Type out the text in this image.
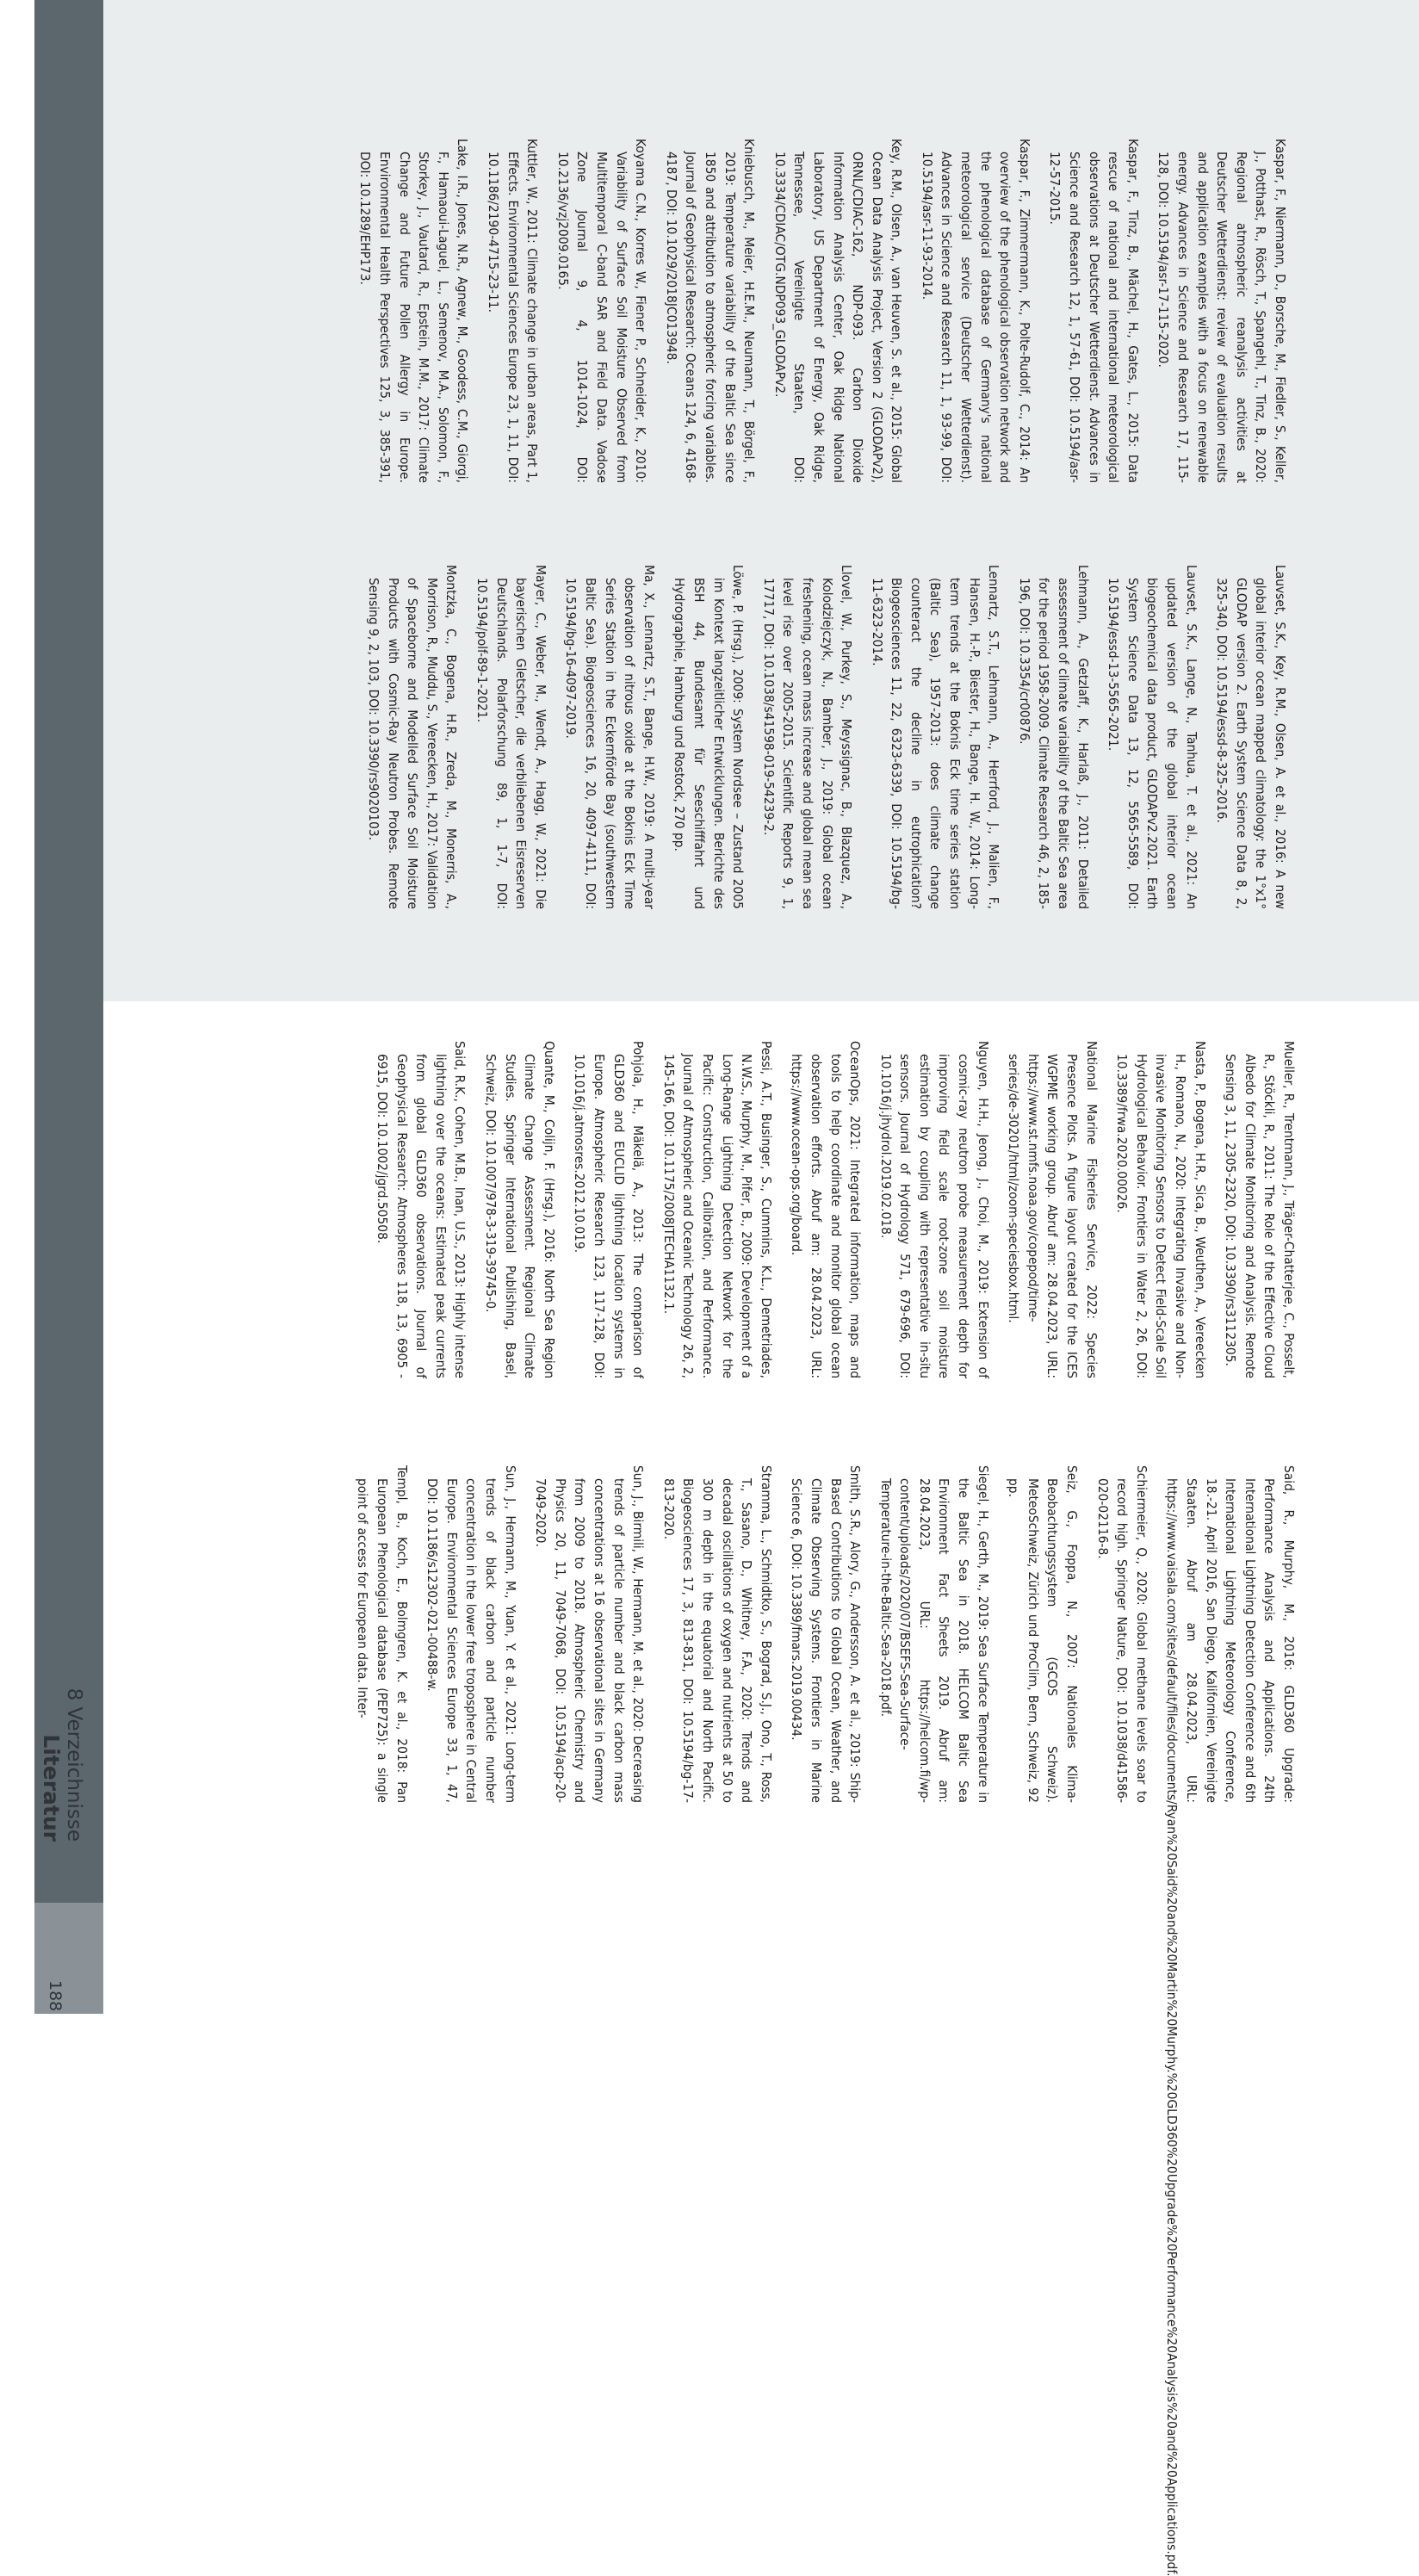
8 Verzeichnisse
Literatur
188

Kaspar, F., Niermann, D., Borsche, M., Fiedler, S., Keller, J., Potthast, R., Rösch, T., Spangehl, T., Tinz, B., 2020: Regional atmospheric reanalysis activities at Deutscher Wetterdienst: review of evaluation results and application examples with a focus on renewable energy. Advances in Science and Research 17, 115-128, DOI: 10.5194/asr-17-115-2020.

Kaspar, F., Tinz, B., Mächel, H., Gates, L., 2015: Data rescue of national and international meteorological observations at Deutscher Wetterdienst. Advances in Science and Research 12, 1, 57-61, DOI: 10.5194/asr-12-57-2015.

Kaspar, F., Zimmermann, K., Polte-Rudolf, C., 2014: An overview of the phenological observation network and the phenological database of Germany's national meteorological service (Deutscher Wetterdienst). Advances in Science and Research 11, 1, 93-99, DOI: 10.5194/asr-11-93-2014.

Key, R.M., Olsen, A., van Heuven, S. et al., 2015: Global Ocean Data Analysis Project, Version 2 (GLODAPv2), ORNL/CDIAC-162, NDP-093. Carbon Dioxide Information Analysis Center, Oak Ridge National Laboratory, US Department of Energy, Oak Ridge, Tennessee, Vereinigte Staaten, DOI: 10.3334/CDIAC/OTG.NDP093_GLODAPv2.

Kniebusch, M., Meier, H.E.M., Neumann, T., Börgel, F., 2019: Temperature variability of the Baltic Sea since 1850 and attribution to atmospheric forcing variables. Journal of Geophysical Research: Oceans 124, 6, 4168-4187, DOI: 10.1029/2018JC013948.

Koyama C.N., Korres W., Fiener P., Schneider, K., 2010: Variability of Surface Soil Moisture Observed from Multitemporal C-band SAR and Field Data. Vadose Zone Journal 9, 4, 1014-1024, DOI: 10.2136/vzj2009.0165.

Kuttler, W., 2011: Climate change in urban areas, Part 1, Effects. Environmental Sciences Europe 23, 1, 11, DOI: 10.1186/2190-4715-23-11.

Lake, I.R., Jones, N.R., Agnew, M., Goodess, C.M., Giorgi, F., Hamaoui-Laguel, L., Semenov, M.A., Solomon, F., Storkey, J., Vautard, R., Epstein, M.M., 2017: Climate Change and Future Pollen Allergy in Europe. Environmental Health Perspectives 125, 3, 385-391, DOI: 10.1289/EHP173.

Lauvset, S.K., Key, R.M., Olsen, A. et al., 2016: A new global interior ocean mapped climatology: the 1°x1° GLODAP version 2. Earth System Science Data 8, 2, 325-340, DOI: 10.5194/essd-8-325-2016.

Lauvset, S.K., Lange, N., Tanhua, T. et al., 2021: An updated version of the global interior ocean biogeochemical data product, GLODAPv2.2021. Earth System Science Data 13, 12, 5565-5589, DOI: 10.5194/essd-13-5565-2021.

Lehmann, A., Getzlaff, K., Harlaß, J., 2011: Detailed assessment of climate variability of the Baltic Sea area for the period 1958-2009. Climate Research 46, 2, 185-196, DOI: 10.3354/cr00876.

Lennartz, S.T., Lehmann, A., Herrford, J., Malien, F., Hansen, H.-P., Biester, H., Bange, H. W., 2014: Long-term trends at the Boknis Eck time series station (Baltic Sea), 1957-2013: does climate change counteract the decline in eutrophication? Biogeosciences 11, 22, 6323-6339, DOI: 10.5194/bg-11-6323-2014.

Llovel, W., Purkey, S., Meyssignac, B., Blazquez, A., Kolodziejczyk, N., Bamber, J., 2019: Global ocean freshening, ocean mass increase and global mean sea level rise over 2005-2015. Scientific Reports 9, 1, 17717, DOI: 10.1038/s41598-019-54239-2.

Löwe, P. (Hrsg.), 2009: System Nordsee – Zustand 2005 im Kontext langzeitlicher Entwicklungen. Berichte des BSH 44, Bundesamt für Seeschifffahrt und Hydrographie, Hamburg und Rostock, 270 pp.

Ma, X., Lennartz, S.T., Bange, H.W., 2019: A multi-year observation of nitrous oxide at the Boknis Eck Time Series Station in the Eckernförde Bay (southwestern Baltic Sea). Biogeosciences 16, 20, 4097-4111, DOI: 10.5194/bg-16-4097-2019.

Mayer, C., Weber, M., Wendt, A., Hagg, W., 2021: Die bayerischen Gletscher, die verbliebenen Eisreserven Deutschlands. Polarforschung 89, 1, 1-7, DOI: 10.5194/polf-89-1-2021.

Montzka, C., Bogena, H.R., Zreda, M., Monerris, A., Morrison, R., Muddu, S., Vereecken, H., 2017: Validation of Spaceborne and Modelled Surface Soil Moisture Products with Cosmic-Ray Neutron Probes. Remote Sensing 9, 2, 103, DOI: 10.3390/rs9020103.

Mueller, R., Trentmann, J., Träger-Chatterjee, C., Posselt, R., Stöckli, R., 2011: The Role of the Effective Cloud Albedo for Climate Monitoring and Analysis. Remote Sensing 3, 11, 2305-2320, DOI: 10.3390/rs3112305.

Nasta, P., Bogena, H.R., Sica, B., Weuthen, A., Vereecken H., Romano, N., 2020: Integrating Invasive and Non-invasive Monitoring Sensors to Detect Field-Scale Soil Hydrological Behavior. Frontiers in Water 2, 26, DOI: 10.3389/frwa.2020.00026.

National Marine Fisheries Service, 2022: Species Presence Plots. A figure layout created for the ICES WGPME working group. Abruf am: 28.04.2023, URL: https://www.st.nmfs.noaa.gov/copepod/time-series/de-30201/html/zoom-speciesbox.html.

Nguyen, H.H., Jeong, J., Choi, M., 2019: Extension of cosmic-ray neutron probe measurement depth for improving field scale root-zone soil moisture estimation by coupling with representative in-situ sensors. Journal of Hydrology 571, 679-696, DOI: 10.1016/j.jhydrol.2019.02.018.

OceanOps, 2021: Integrated information, maps and tools to help coordinate and monitor global ocean observation efforts. Abruf am: 28.04.2023, URL: https://www.ocean-ops.org/board.

Pessi, A.T., Businger, S., Cummins, K.L., Demetriades, N.W.S., Murphy, M., Pifer, B., 2009: Development of a Long-Range Lightning Detection Network for the Pacific: Construction, Calibration, and Performance. Journal of Atmospheric and Oceanic Technology 26, 2, 145-166, DOI: 10.1175/2008JTECHA1132.1.

Pohjola, H., Mäkelä, A., 2013: The comparison of GLD360 and EUCLID lightning location systems in Europe. Atmospheric Research 123, 117-128, DOI: 10.1016/j.atmosres.2012.10.019.

Quante, M., Colijn, F. (Hrsg.), 2016: North Sea Region Climate Change Assessment. Regional Climate Studies. Springer International Publishing, Basel, Schweiz, DOI: 10.1007/978-3-319-39745-0.

Said, R.K., Cohen, M.B., Inan, U.S., 2013: Highly intense lightning over the oceans: Estimated peak currents from global GLD360 observations. Journal of Geophysical Research: Atmospheres 118, 13, 6905 - 6915, DOI: 10.1002/jgrd.50508.

Said, R., Murphy, M., 2016: GLD360 Upgrade: Performance Analysis and Applications. 24th International Lightning Detection Conference and 6th International Lightning Meteorology Conference, 18.-21. April 2016, San Diego, Kalifornien, Vereinigte Staaten. Abruf am 28.04.2023, URL: https://www.vaisala.com/sites/default/files/documents/Ryan%20Said%20and%20Martin%20Murphy.%20GLD360%20Upgrade%20Performance%20Analysis%20and%20Applications.pdf.

Schiermeier, Q., 2020: Global methane levels soar to record high. Springer Nature, DOI: 10.1038/d41586-020-02116-8.

Seiz, G., Foppa, N., 2007: Nationales Klima-Beobachtungssystem (GCOS Schweiz). MeteoSchweiz, Zürich und ProClim, Bern, Schweiz, 92 pp.

Siegel, H., Gerth, M., 2019: Sea Surface Temperature in the Baltic Sea in 2018. HELCOM Baltic Sea Environment Fact Sheets 2019. Abruf am: 28.04.2023, URL: https://helcom.fi/wp-content/uploads/2020/07/BSEFS-Sea-Surface-Temperature-in-the-Baltic-Sea-2018.pdf.

Smith, S.R., Alory, G., Andersson, A. et al., 2019: Ship-Based Contributions to Global Ocean, Weather, and Climate Observing Systems. Frontiers in Marine Science 6, DOI: 10.3389/fmars.2019.00434.

Stramma, L., Schmidtko, S., Bograd, S.J., Ono, T., Ross, T., Sasano, D., Whitney, F.A., 2020: Trends and decadal oscillations of oxygen and nutrients at 50 to 300 m depth in the equatorial and North Pacific. Biogeosciences 17, 3, 813-831, DOI: 10.5194/bg-17-813-2020.

Sun, J., Birmili, W., Hermann, M. et al., 2020: Decreasing trends of particle number and black carbon mass concentrations at 16 observational sites in Germany from 2009 to 2018. Atmospheric Chemistry and Physics 20, 11, 7049-7068, DOI: 10.5194/acp-20-7049-2020.

Sun, J., Hermann, M., Yuan, Y. et al., 2021: Long-term trends of black carbon and particle number concentration in the lower free troposphere in Central Europe. Environmental Sciences Europe 33, 1, 47, DOI: 10.1186/s12302-021-00488-w.

Templ, B., Koch, E., Bolmgren, K. et al., 2018: Pan European Phenological database (PEP725): a single point of access for European data. Inter-
